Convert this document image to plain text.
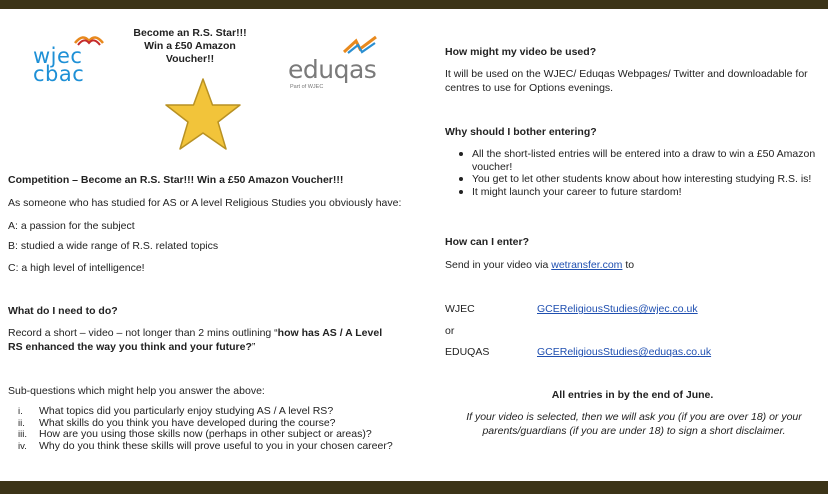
wjec
cbac
Become an R.S. Star!!!
Win a £50 Amazon
Voucher!!	eduqas
Part of WJEC
Competition – Become an R.S. Star!!! Win a £50 Amazon Voucher!!!
As someone who has studied for AS or A level Religious Studies you obviously have:
A: a passion for the subject
B: studied a wide range of R.S. related topics
C: a high level of intelligence!
What do I need to do?
Record a short – video – not longer than 2 mins outlining “how has AS / A Level RS enhanced the way you think and your future?”
Sub-questions which might help you answer the above:
i.	What topics did you particularly enjoy studying AS / A level RS?
ii.	What skills do you think you have developed during the course?
iii.	How are you using those skills now (perhaps in other subject or areas)?
iv.	Why do you think these skills will prove useful to you in your chosen career?
How might my video be used?
It will be used on the WJEC/ Eduqas Webpages/ Twitter and downloadable for centres to use for Options evenings.
Why should I bother entering?
All the short-listed entries will be entered into a draw to win a £50 Amazon voucher!
You get to let other students know about how interesting studying R.S. is!
It might launch your career to future stardom!
How can I enter?
Send in your video via wetransfer.com to
WJEC	GCEReligiousStudies@wjec.co.uk
or
EDUQAS	GCEReligiousStudies@eduqas.co.uk
All entries in by the end of June.
If your video is selected, then we will ask you (if you are over 18) or your parents/guardians (if you are under 18) to sign a short disclaimer.
